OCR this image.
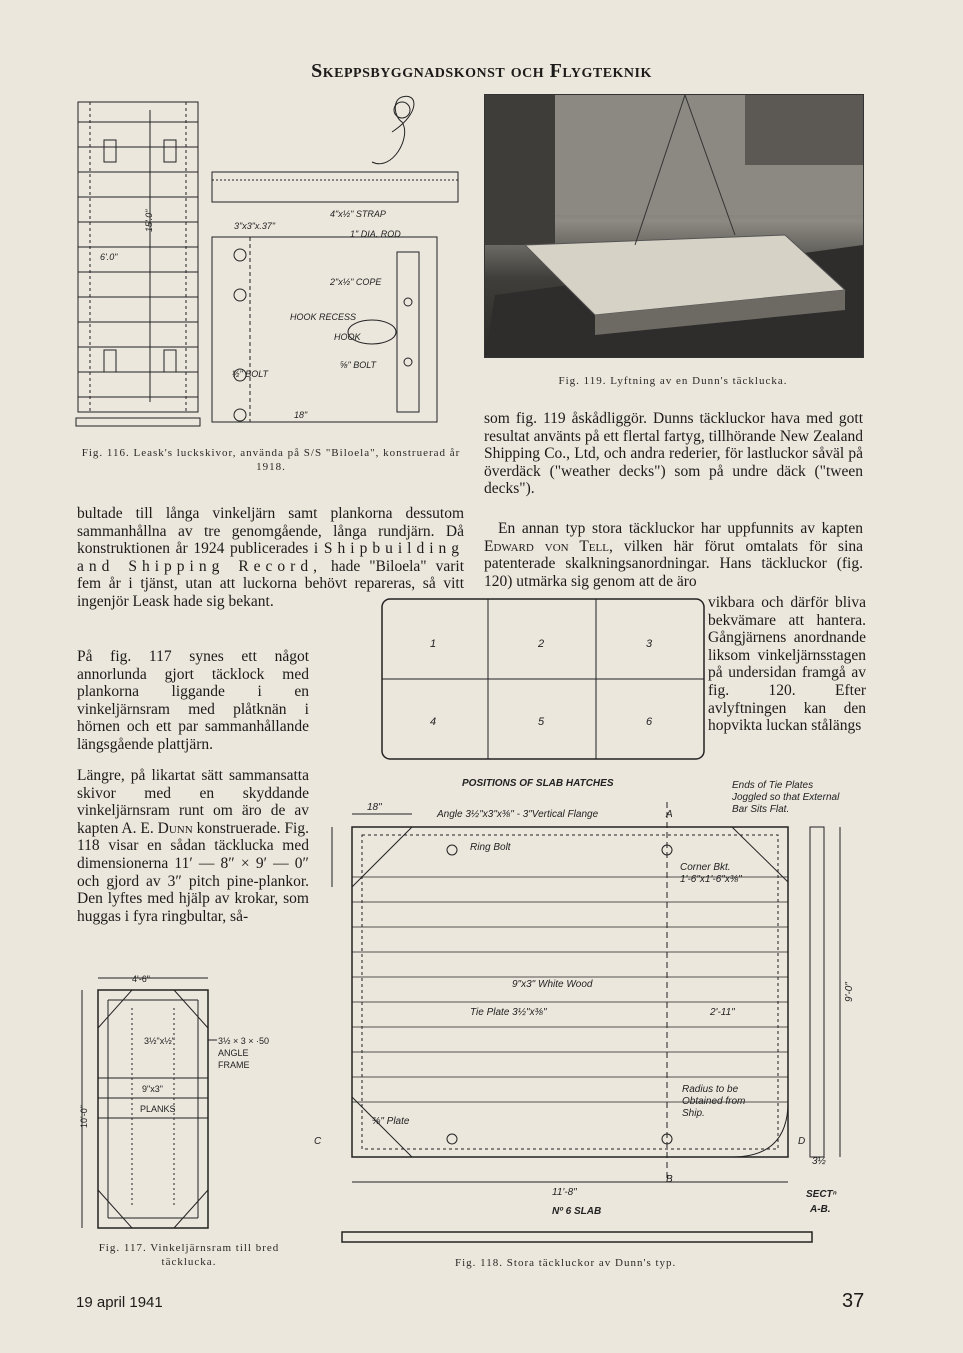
Skeppsbyggnadskonst och Flygteknik
6'.0"
15'.0"	4"x½" STRAP
3"x3"x.37"
1" DIA. ROD
2"x½" COPE
HOOK RECESS
HOOK
⅝" BOLT
½" BOLT
18"
Fig. 116. Leask's luckskivor, använda på S/S "Biloela", konstruerad år 1918.
Fig. 119. Lyftning av en Dunn's täcklucka.
bultade till långa vinkeljärn samt plankorna dessutom sammanhållna av tre genomgående, långa rundjärn. Då konstruktionen år 1924 publicerades i Shipbuilding and Shipping Record, hade "Biloela" varit fem år i tjänst, utan att luckorna behövt repareras, så vitt ingenjör Leask hade sig bekant.
På fig. 117 synes ett något annorlunda gjort täcklock med plankorna liggande i en vinkeljärnsram med plåtknän i hörnen och ett par sammanhållande längsgående plattjärn.
Längre, på likartat sätt sammansatta skivor med en skyddande vinkeljärnsram runt om äro de av kapten A. E. Dunn konstruerade. Fig. 118 visar en sådan täcklucka med dimensionerna 11′ — 8″ × 9′ — 0″ och gjord av 3″ pitch pine-plankor. Den lyftes med hjälp av krokar, som huggas i fyra ringbultar, så-
som fig. 119 åskådliggör. Dunns täckluckor hava med gott resultat använts på ett flertal fartyg, tillhörande New Zealand Shipping Co., Ltd, och andra rederier, för lastluckor såväl på överdäck ("weather decks") som på undre däck ("tween decks").
En annan typ stora täckluckor har uppfunnits av kapten Edward von Tell, vilken här förut omtalats för sina patenterade skalkningsanordningar. Hans täckluckor (fig. 120) utmärka sig genom att de äro
vikbara och därför bliva bekvämare att hantera. Gångjärnens anordnande liksom vinkeljärnsstagen på undersidan framgå av fig. 120. Efter avlyftningen kan den hopvikta luckan stålängs
1	2	3
4	5	6
POSITIONS OF SLAB HATCHES
Angle 3½"x3"x⅜" - 3"Vertical Flange
Ring Bolt
Corner Bkt.
1'-6"x1'-6"x⅜"
9"x3" White Wood
Tie Plate 3½"x⅜"	2'-11"
9'-0"
Radius to be
Obtained from
Ship.
⅜" Plate
18"
11'-8"
Nº 6 SLAB
Ends of Tie Plates
Joggled so that External
Bar Sits Flat.
SECTⁿ
A-B.
A
B
C	D
3½
Fig. 118. Stora täckluckor av Dunn's typ.
4'-6"
10'-0"
3½"x½"
9"x3"
PLANKS
3½ × 3 × ·50
ANGLE
FRAME
Fig. 117. Vinkeljärnsram till bred täcklucka.
19 april 1941	37
